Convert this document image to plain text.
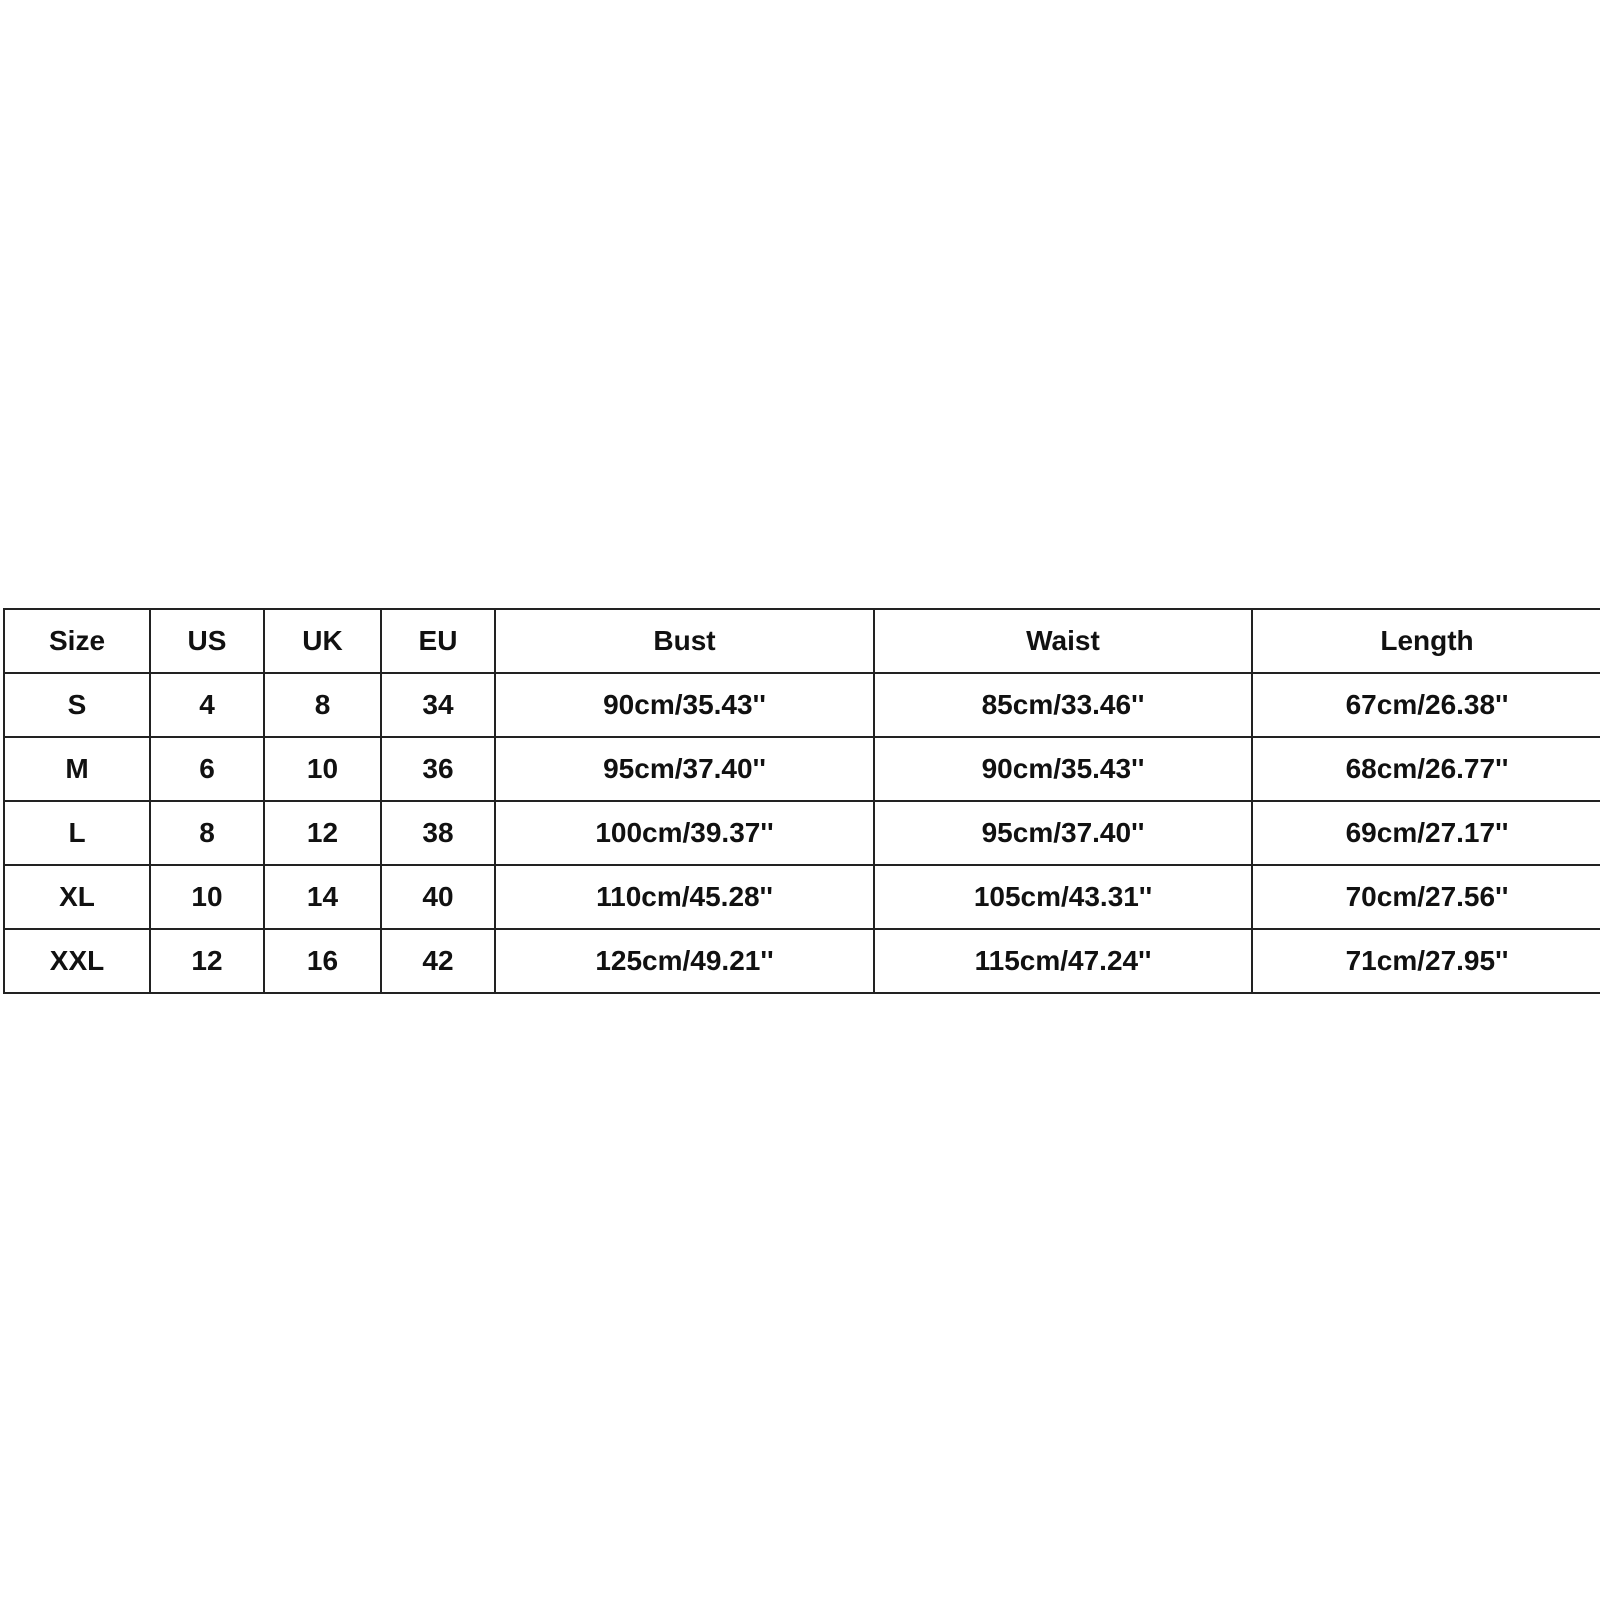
Size	US	UK	EU	Bust	Waist	Length
S	4	8	34	90cm/35.43''	85cm/33.46''	67cm/26.38''
M	6	10	36	95cm/37.40''	90cm/35.43''	68cm/26.77''
L	8	12	38	100cm/39.37''	95cm/37.40''	69cm/27.17''
XL	10	14	40	110cm/45.28''	105cm/43.31''	70cm/27.56''
XXL	12	16	42	125cm/49.21''	115cm/47.24''	71cm/27.95''
